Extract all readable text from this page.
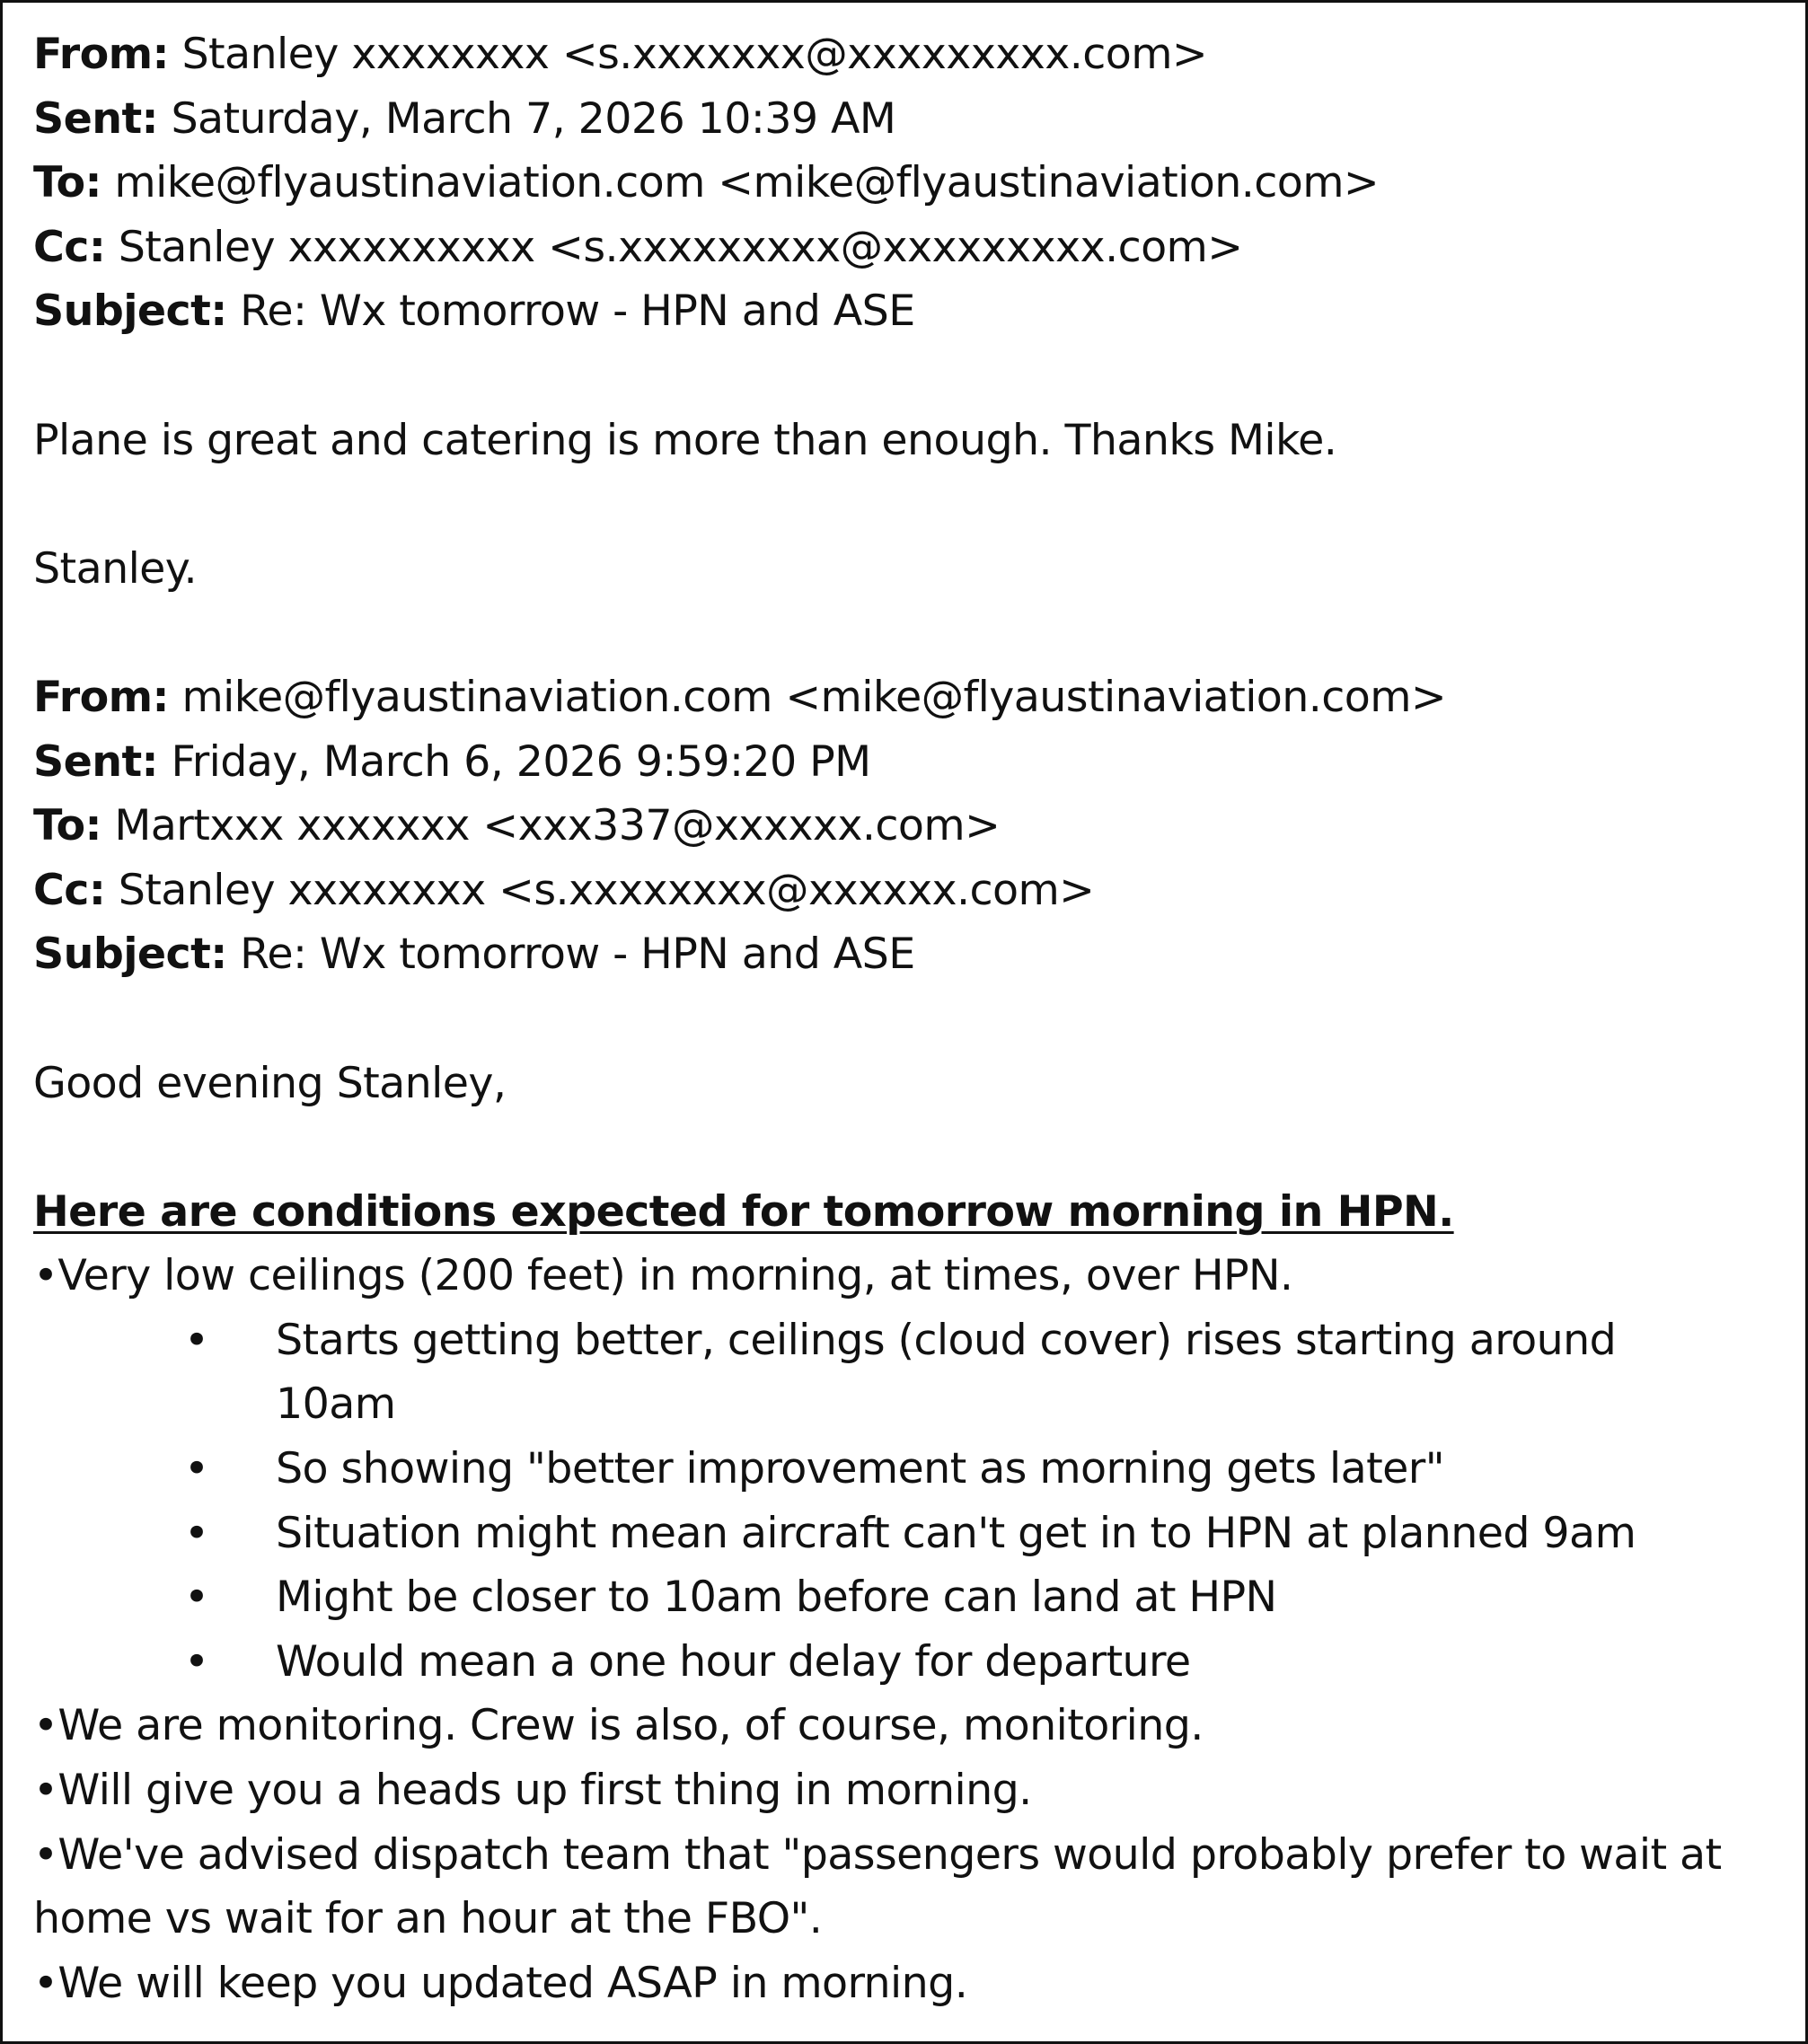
From: Stanley xxxxxxxx <s.xxxxxxx@xxxxxxxxx.com>
Sent: Saturday, March 7, 2026 10:39 AM
To: mike@flyaustinaviation.com <mike@flyaustinaviation.com>
Cc: Stanley xxxxxxxxxx <s.xxxxxxxxx@xxxxxxxxx.com>
Subject: Re: Wx tomorrow - HPN and ASE
Plane is great and catering is more than enough. Thanks Mike.
Stanley.
From: mike@flyaustinaviation.com <mike@flyaustinaviation.com>
Sent: Friday, March 6, 2026 9:59:20 PM
To: Martxxx xxxxxxx <xxx337@xxxxxx.com>
Cc: Stanley xxxxxxxx <s.xxxxxxxx@xxxxxx.com>
Subject: Re: Wx tomorrow - HPN and ASE
Good evening Stanley,
Here are conditions expected for tomorrow morning in HPN.
•Very low ceilings (200 feet) in morning, at times, over HPN.
• Starts getting better, ceilings (cloud cover) rises starting around 10am
• So showing "better improvement as morning gets later"
• Situation might mean aircraft can't get in to HPN at planned 9am
• Might be closer to 10am before can land at HPN
• Would mean a one hour delay for departure
•We are monitoring. Crew is also, of course, monitoring.
•Will give you a heads up first thing in morning.
•We've advised dispatch team that "passengers would probably prefer to wait at home vs wait for an hour at the FBO".
•We will keep you updated ASAP in morning.
